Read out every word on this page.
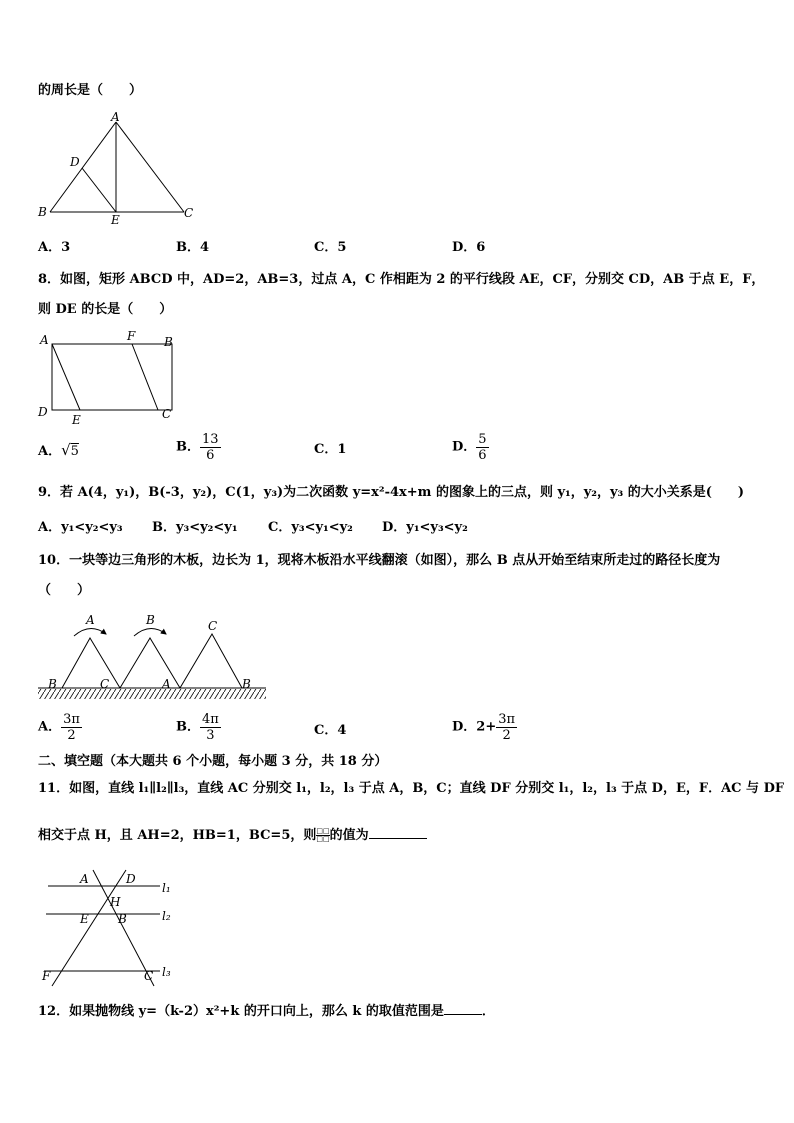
的周长是（　　）
A
B	C
D
E
A．3	B．4	C．5	D．6
8．如图，矩形 ABCD 中，AD=2，AB=3，过点 A，C 作相距为 2 的平行线段 AE，CF，分别交 CD，AB 于点 E，F，
则 DE 的长是（　　）
A	B
C
D
E
F
A．√5	B． $\frac{13}{6}$	C．1	D． $\frac{5}{6}$
9．若 A(4，y₁)，B(-3，y₂)，C(1，y₃)为二次函数 y=x²-4x+m 的图象上的三点，则 y₁，y₂，y₃ 的大小关系是(　　)
A．y₁<y₂<y₃ B．y₃<y₂<y₁ C．y₃<y₁<y₂ D．y₁<y₃<y₂
10．一块等边三角形的木板，边长为 1，现将木板沿水平线翻滚（如图），那么 B 点从开始至结束所走过的路径长度为
（　　）
A
B	C
B
A
C
B
A． $\frac{3\pi}{2}$	B． $\frac{4\pi}{3}$	C．4	D．$2+ \frac{3\pi}{2}$
二、填空题（本大题共 6 个小题，每小题 3 分，共 18 分）
11．如图，直线 l₁∥l₂∥l₃，直线 AC 分别交 l₁，l₂，l₃ 于点 A，B，C；直线 DF 分别交 l₁，l₂，l₃ 于点 D，E，F．AC 与 DF
相交于点 H，且 AH=2，HB=1，BC=5，则 □□
□□ 的值为
A	D
H
E B
F	C
l₁
l₂
l₃
12．如果抛物线 y=（k-2）x²+k 的开口向上，那么 k 的取值范围是	．
